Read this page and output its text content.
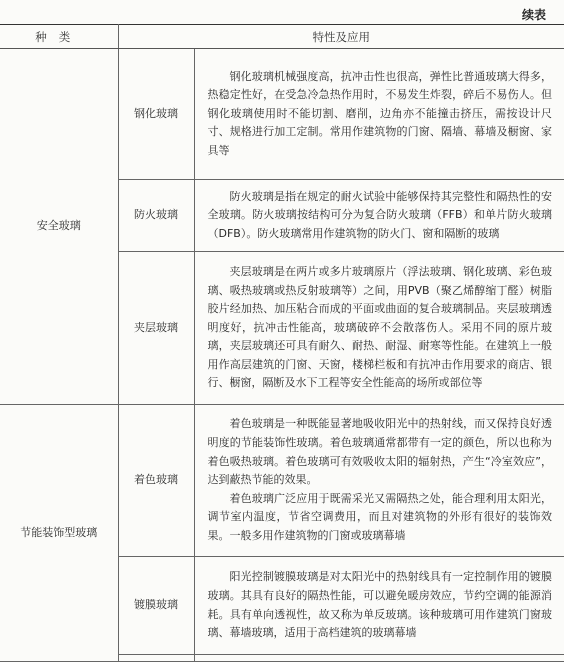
续表
种类	特性及应用	
安全玻璃	钢化玻璃	钢化玻璃机械强度高，抗冲击性也很高，弹性比普通玻璃大得多，热稳定性好，在受急冷急热作用时，不易发生炸裂，碎后不易伤人。但钢化玻璃使用时不能切割、磨削，边角亦不能撞击挤压，需按设计尺寸、规格进行加工定制。常用作建筑物的门窗、隔墙、幕墙及橱窗、家具等

	防火玻璃	防火玻璃是指在规定的耐火试验中能够保持其完整性和隔热性的安全玻璃。防火玻璃按结构可分为复合防火玻璃（FFB）和单片防火玻璃（DFB）。防火玻璃常用作建筑物的防火门、窗和隔断的玻璃

	夹层玻璃	夹层玻璃是在两片或多片玻璃原片（浮法玻璃、钢化玻璃、彩色玻璃、吸热玻璃或热反射玻璃等）之间，用PVB（聚乙烯醇缩丁醛）树脂胶片经加热、加压粘合而成的平面或曲面的复合玻璃制品。夹层玻璃透明度好，抗冲击性能高，玻璃破碎不会散落伤人。采用不同的原片玻璃，夹层玻璃还可具有耐久、耐热、耐湿、耐寒等性能。在建筑上一般用作高层建筑的门窗、天窗，楼梯栏板和有抗冲击作用要求的商店、银行、橱窗，隔断及水下工程等安全性能高的场所或部位等

节能装饰型玻璃	着色玻璃	着色玻璃是一种既能显著地吸收阳光中的热射线，而又保持良好透明度的节能装饰性玻璃。着色玻璃通常都带有一定的颜色，所以也称为着色吸热玻璃。着色玻璃可有效吸收太阳的辐射热，产生“冷室效应”，达到蔽热节能的效果。

着色玻璃广泛应用于既需采光又需隔热之处，能合理利用太阳光，调节室内温度，节省空调费用，而且对建筑物的外形有很好的装饰效果。一般多用作建筑物的门窗或玻璃幕墙

	镀膜玻璃	阳光控制镀膜玻璃是对太阳光中的热射线具有一定控制作用的镀膜玻璃。其具有良好的隔热性能，可以避免暖房效应，节约空调的能源消耗。具有单向透视性，故又称为单反玻璃。该种玻璃可用作建筑门窗玻璃、幕墙玻璃，适用于高档建筑的玻璃幕墙
